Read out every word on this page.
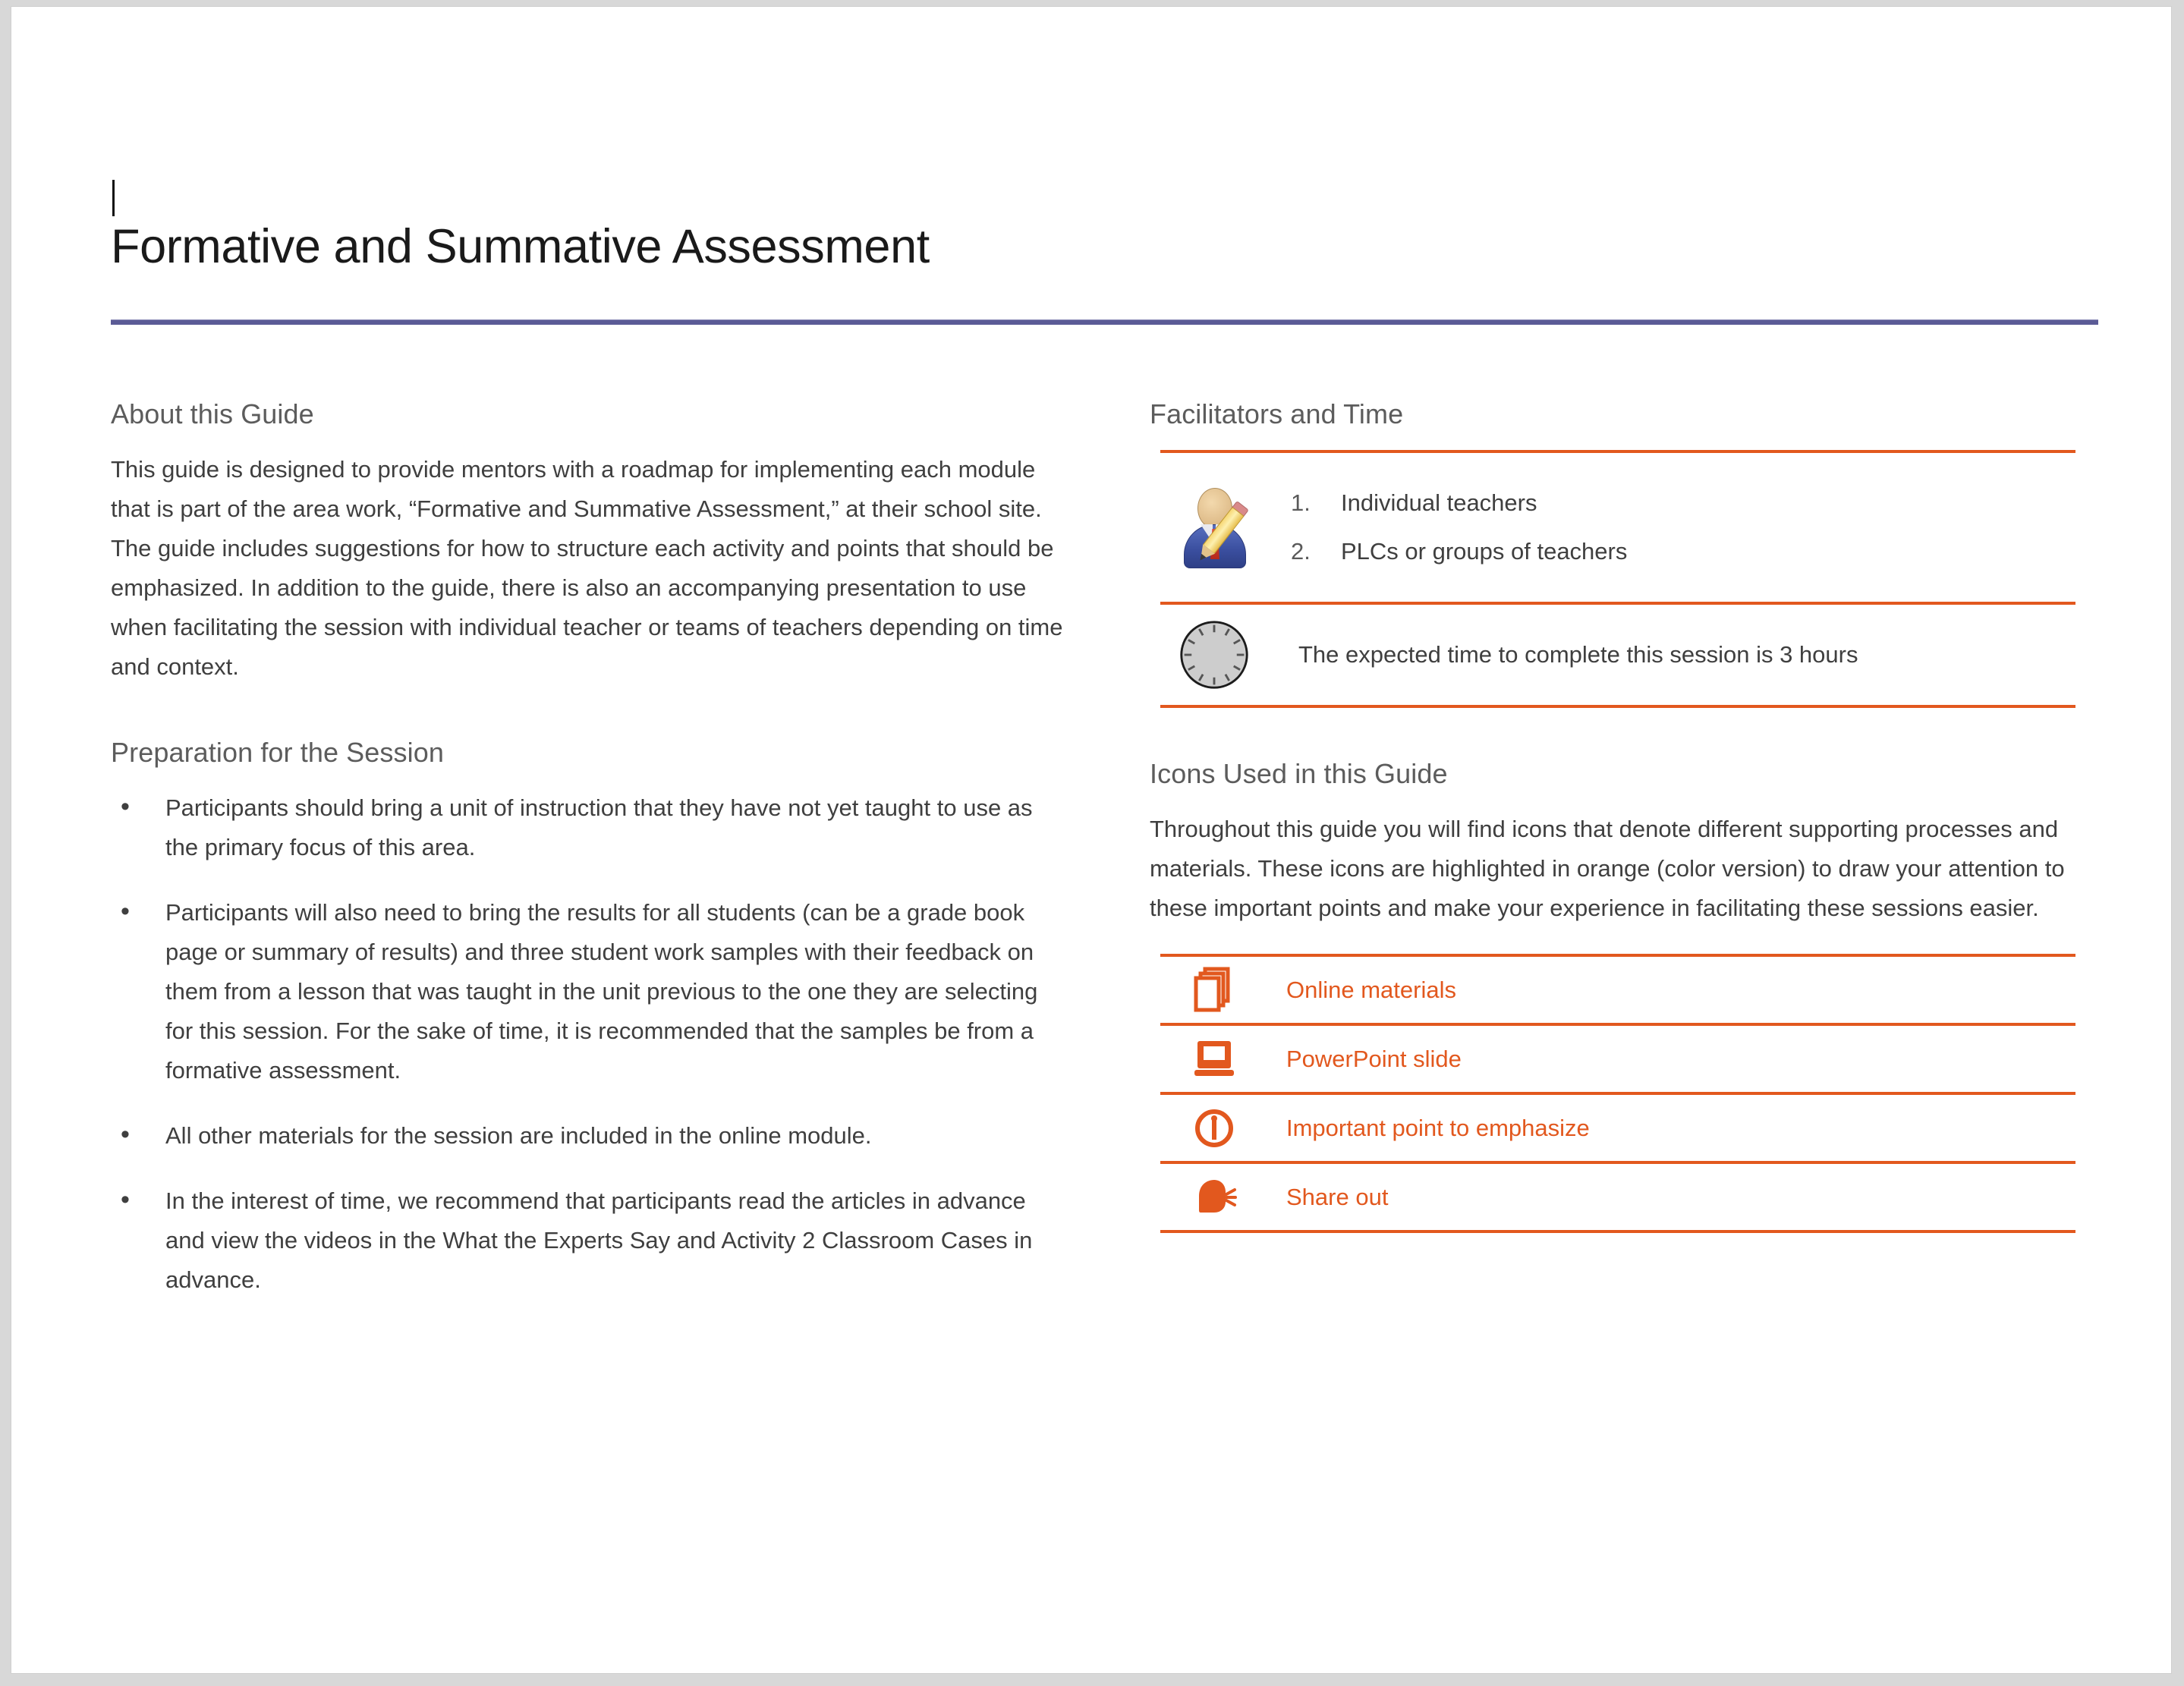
Formative and Summative Assessment
About this Guide

This guide is designed to provide mentors with a roadmap for implementing each module that is part of the area work, “Formative and Summative Assessment,” at their school site. The guide includes suggestions for how to structure each activity and points that should be emphasized. In addition to the guide, there is also an accompanying presentation to use when facilitating the session with individual teacher or teams of teachers depending on time and context.

Preparation for the Session
• Participants should bring a unit of instruction that they have not yet taught to use as the primary focus of this area.
• Participants will also need to bring the results for all students (can be a grade book page or summary of results) and three student work samples with their feedback on them from a lesson that was taught in the unit previous to the one they are selecting for this session. For the sake of time, it is recommended that the samples be from a formative assessment.
• All other materials for the session are included in the online module.
• In the interest of time, we recommend that participants read the articles in advance and view the videos in the What the Experts Say and Activity 2 Classroom Cases in advance.
Facilitators and Time
1. Individual teachers
2. PLCs or groups of teachers
The expected time to complete this session is 3 hours
Icons Used in this Guide

Throughout this guide you will find icons that denote different supporting processes and materials. These icons are highlighted in orange (color version) to draw your attention to these important points and make your experience in facilitating these sessions easier.

Online materials
PowerPoint slide
Important point to emphasize
Share out
